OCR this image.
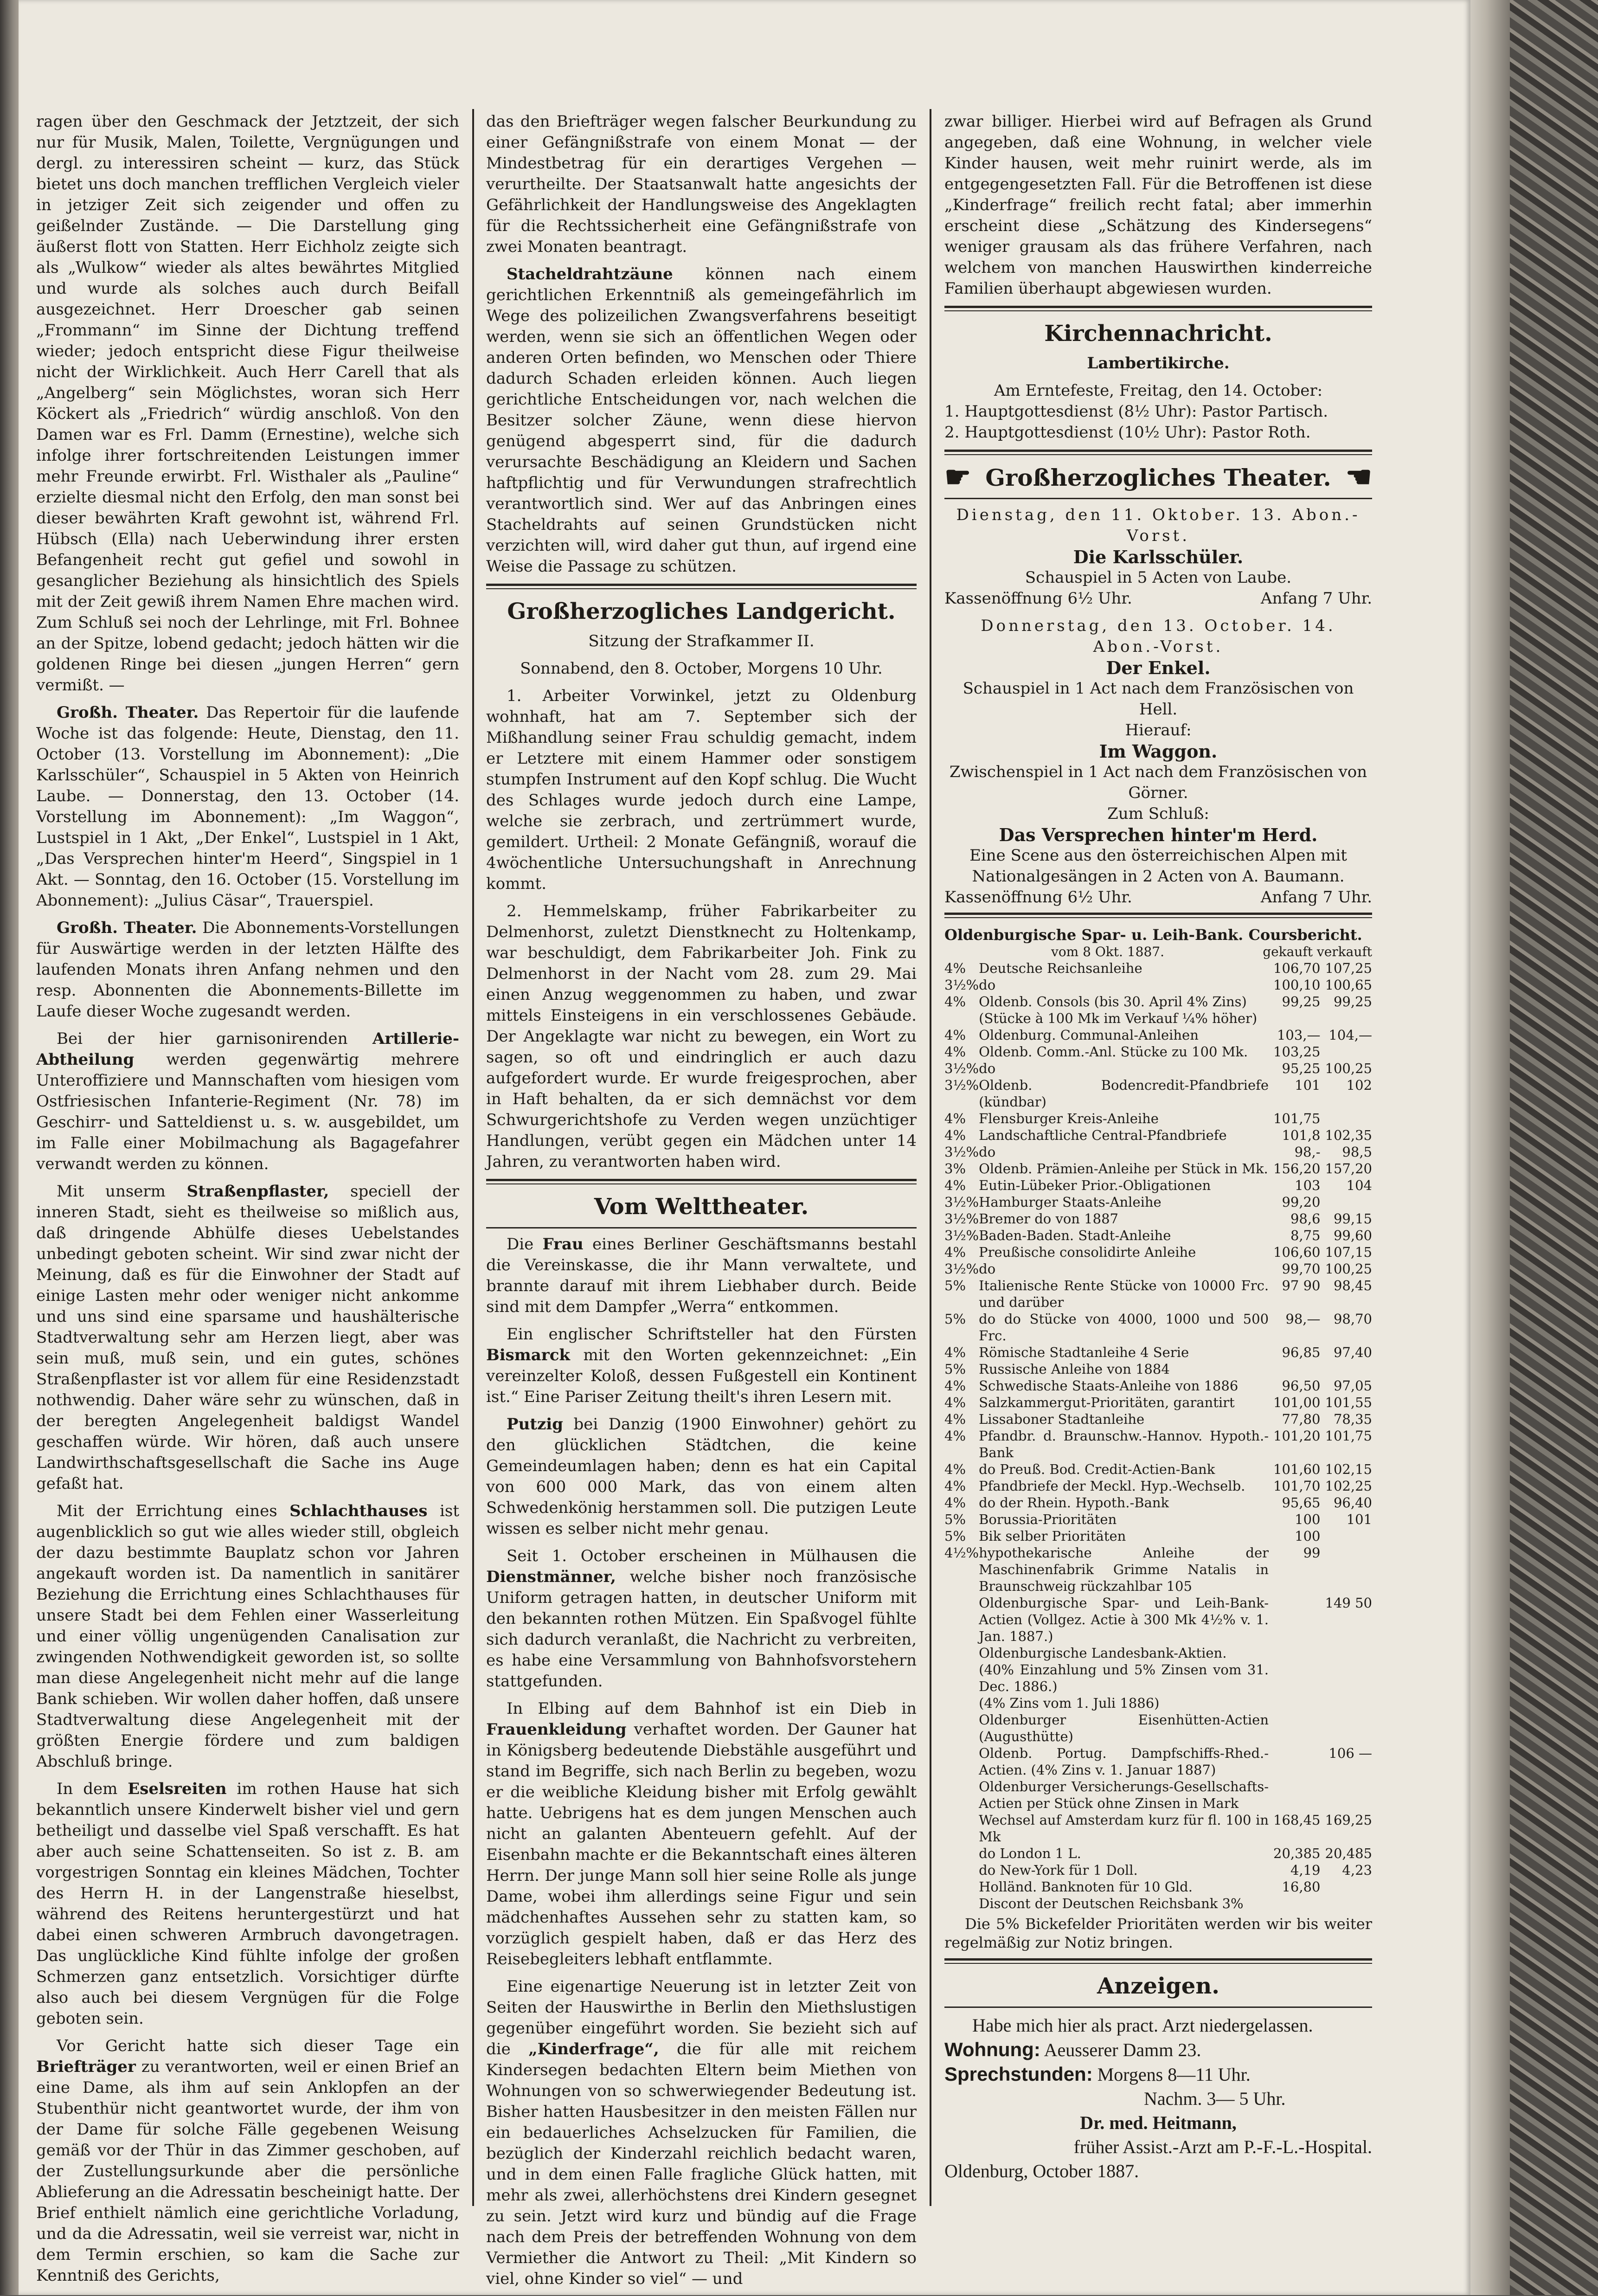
ragen über den Geschmack der Jetztzeit, der sich nur für Musik, Malen, Toilette, Vergnügungen und dergl. zu interessiren scheint — kurz, das Stück bietet uns doch manchen trefflichen Vergleich vieler in jetziger Zeit sich zeigender und offen zu geißelnder Zustände. — Die Darstellung ging äußerst flott von Statten. Herr Eichholz zeigte sich als „Wulkow“ wieder als altes bewährtes Mitglied und wurde als solches auch durch Beifall ausgezeichnet. Herr Droescher gab seinen „Frommann“ im Sinne der Dichtung treffend wieder; jedoch entspricht diese Figur theilweise nicht der Wirklichkeit. Auch Herr Carell that als „Angelberg“ sein Möglichstes, woran sich Herr Köckert als „Friedrich“ würdig anschloß. Von den Damen war es Frl. Damm (Ernestine), welche sich infolge ihrer fortschreitenden Leistungen immer mehr Freunde erwirbt. Frl. Wisthaler als „Pauline“ erzielte diesmal nicht den Erfolg, den man sonst bei dieser bewährten Kraft gewohnt ist, während Frl. Hübsch (Ella) nach Ueberwindung ihrer ersten Befangenheit recht gut gefiel und sowohl in gesanglicher Beziehung als hinsichtlich des Spiels mit der Zeit gewiß ihrem Namen Ehre machen wird. Zum Schluß sei noch der Lehrlinge, mit Frl. Bohnee an der Spitze, lobend gedacht; jedoch hätten wir die goldenen Ringe bei diesen „jungen Herren“ gern vermißt. —

Großh. Theater. Das Repertoir für die laufende Woche ist das folgende: Heute, Dienstag, den 11. October (13. Vorstellung im Abonnement): „Die Karlsschüler“, Schauspiel in 5 Akten von Heinrich Laube. — Donnerstag, den 13. October (14. Vorstellung im Abonnement): „Im Waggon“, Lustspiel in 1 Akt, „Der Enkel“, Lustspiel in 1 Akt, „Das Versprechen hinter'm Heerd“, Singspiel in 1 Akt. — Sonntag, den 16. October (15. Vorstellung im Abonnement): „Julius Cäsar“, Trauerspiel.

Großh. Theater. Die Abonnements-Vorstellungen für Auswärtige werden in der letzten Hälfte des laufenden Monats ihren Anfang nehmen und den resp. Abonnenten die Abonnements-Billette im Laufe dieser Woche zugesandt werden.

Bei der hier garnisonirenden Artillerie-Abtheilung werden gegenwärtig mehrere Unteroffiziere und Mannschaften vom hiesigen vom Ostfriesischen Infanterie-Regiment (Nr. 78) im Geschirr- und Satteldienst u. s. w. ausgebildet, um im Falle einer Mobilmachung als Bagagefahrer verwandt werden zu können.

Mit unserm Straßenpflaster, speciell der inneren Stadt, sieht es theilweise so mißlich aus, daß dringende Abhülfe dieses Uebelstandes unbedingt geboten scheint. Wir sind zwar nicht der Meinung, daß es für die Einwohner der Stadt auf einige Lasten mehr oder weniger nicht ankomme und uns sind eine sparsame und haushälterische Stadtverwaltung sehr am Herzen liegt, aber was sein muß, muß sein, und ein gutes, schönes Straßenpflaster ist vor allem für eine Residenzstadt nothwendig. Daher wäre sehr zu wünschen, daß in der beregten Angelegenheit baldigst Wandel geschaffen würde. Wir hören, daß auch unsere Landwirthschaftsgesellschaft die Sache ins Auge gefaßt hat.

Mit der Errichtung eines Schlachthauses ist augenblicklich so gut wie alles wieder still, obgleich der dazu bestimmte Bauplatz schon vor Jahren angekauft worden ist. Da namentlich in sanitärer Beziehung die Errichtung eines Schlachthauses für unsere Stadt bei dem Fehlen einer Wasserleitung und einer völlig ungenügenden Canalisation zur zwingenden Nothwendigkeit geworden ist, so sollte man diese Angelegenheit nicht mehr auf die lange Bank schieben. Wir wollen daher hoffen, daß unsere Stadtverwaltung diese Angelegenheit mit der größten Energie fördere und zum baldigen Abschluß bringe.

In dem Eselsreiten im rothen Hause hat sich bekanntlich unsere Kinderwelt bisher viel und gern betheiligt und dasselbe viel Spaß verschafft. Es hat aber auch seine Schattenseiten. So ist z. B. am vorgestrigen Sonntag ein kleines Mädchen, Tochter des Herrn H. in der Langenstraße hieselbst, während des Reitens heruntergestürzt und hat dabei einen schweren Armbruch davongetragen. Das unglückliche Kind fühlte infolge der großen Schmerzen ganz entsetzlich. Vorsichtiger dürfte also auch bei diesem Vergnügen für die Folge geboten sein.

Vor Gericht hatte sich dieser Tage ein Briefträger zu verantworten, weil er einen Brief an eine Dame, als ihm auf sein Anklopfen an der Stubenthür nicht geantwortet wurde, der ihm von der Dame für solche Fälle gegebenen Weisung gemäß vor der Thür in das Zimmer geschoben, auf der Zustellungsurkunde aber die persönliche Ablieferung an die Adressatin bescheinigt hatte. Der Brief enthielt nämlich eine gerichtliche Vorladung, und da die Adressatin, weil sie verreist war, nicht in dem Termin erschien, so kam die Sache zur Kenntniß des Gerichts,

das den Briefträger wegen falscher Beurkundung zu einer Gefängnißstrafe von einem Monat — der Mindestbetrag für ein derartiges Vergehen — verurtheilte. Der Staatsanwalt hatte angesichts der Gefährlichkeit der Handlungsweise des Angeklagten für die Rechtssicherheit eine Gefängnißstrafe von zwei Monaten beantragt.

Stacheldrahtzäune können nach einem gerichtlichen Erkenntniß als gemeingefährlich im Wege des polizeilichen Zwangsverfahrens beseitigt werden, wenn sie sich an öffentlichen Wegen oder anderen Orten befinden, wo Menschen oder Thiere dadurch Schaden erleiden können. Auch liegen gerichtliche Entscheidungen vor, nach welchen die Besitzer solcher Zäune, wenn diese hiervon genügend abgesperrt sind, für die dadurch verursachte Beschädigung an Kleidern und Sachen haftpflichtig und für Verwundungen strafrechtlich verantwortlich sind. Wer auf das Anbringen eines Stacheldrahts auf seinen Grundstücken nicht verzichten will, wird daher gut thun, auf irgend eine Weise die Passage zu schützen.

Großherzogliches Landgericht.

Sitzung der Strafkammer II.

Sonnabend, den 8. October, Morgens 10 Uhr.

1. Arbeiter Vorwinkel, jetzt zu Oldenburg wohnhaft, hat am 7. September sich der Mißhandlung seiner Frau schuldig gemacht, indem er Letztere mit einem Hammer oder sonstigem stumpfen Instrument auf den Kopf schlug. Die Wucht des Schlages wurde jedoch durch eine Lampe, welche sie zerbrach, und zertrümmert wurde, gemildert. Urtheil: 2 Monate Gefängniß, worauf die 4wöchentliche Untersuchungshaft in Anrechnung kommt.

2. Hemmelskamp, früher Fabrikarbeiter zu Delmenhorst, zuletzt Dienstknecht zu Holtenkamp, war beschuldigt, dem Fabrikarbeiter Joh. Fink zu Delmenhorst in der Nacht vom 28. zum 29. Mai einen Anzug weggenommen zu haben, und zwar mittels Einsteigens in ein verschlossenes Gebäude. Der Angeklagte war nicht zu bewegen, ein Wort zu sagen, so oft und eindringlich er auch dazu aufgefordert wurde. Er wurde freigesprochen, aber in Haft behalten, da er sich demnächst vor dem Schwurgerichtshofe zu Verden wegen unzüchtiger Handlungen, verübt gegen ein Mädchen unter 14 Jahren, zu verantworten haben wird.

Vom Welttheater.

Die Frau eines Berliner Geschäftsmanns bestahl die Vereinskasse, die ihr Mann verwaltete, und brannte darauf mit ihrem Liebhaber durch. Beide sind mit dem Dampfer „Werra“ entkommen.

Ein englischer Schriftsteller hat den Fürsten Bismarck mit den Worten gekennzeichnet: „Ein vereinzelter Koloß, dessen Fußgestell ein Kontinent ist.“ Eine Pariser Zeitung theilt's ihren Lesern mit.

Putzig bei Danzig (1900 Einwohner) gehört zu den glücklichen Städtchen, die keine Gemeindeumlagen haben; denn es hat ein Capital von 600 000 Mark, das von einem alten Schwedenkönig herstammen soll. Die putzigen Leute wissen es selber nicht mehr genau.

Seit 1. October erscheinen in Mülhausen die Dienstmänner, welche bisher noch französische Uniform getragen hatten, in deutscher Uniform mit den bekannten rothen Mützen. Ein Spaßvogel fühlte sich dadurch veranlaßt, die Nachricht zu verbreiten, es habe eine Versammlung von Bahnhofsvorstehern stattgefunden.

In Elbing auf dem Bahnhof ist ein Dieb in Frauenkleidung verhaftet worden. Der Gauner hat in Königsberg bedeutende Diebstähle ausgeführt und stand im Begriffe, sich nach Berlin zu begeben, wozu er die weibliche Kleidung bisher mit Erfolg gewählt hatte. Uebrigens hat es dem jungen Menschen auch nicht an galanten Abenteuern gefehlt. Auf der Eisenbahn machte er die Bekanntschaft eines älteren Herrn. Der junge Mann soll hier seine Rolle als junge Dame, wobei ihm allerdings seine Figur und sein mädchenhaftes Aussehen sehr zu statten kam, so vorzüglich gespielt haben, daß er das Herz des Reisebegleiters lebhaft entflammte.

Eine eigenartige Neuerung ist in letzter Zeit von Seiten der Hauswirthe in Berlin den Miethslustigen gegenüber eingeführt worden. Sie bezieht sich auf die „Kinderfrage“, die für alle mit reichem Kindersegen bedachten Eltern beim Miethen von Wohnungen von so schwerwiegender Bedeutung ist. Bisher hatten Hausbesitzer in den meisten Fällen nur ein bedauerliches Achselzucken für Familien, die bezüglich der Kinderzahl reichlich bedacht waren, und in dem einen Falle fragliche Glück hatten, mit mehr als zwei, allerhöchstens drei Kindern gesegnet zu sein. Jetzt wird kurz und bündig auf die Frage nach dem Preis der betreffenden Wohnung von dem Vermiether die Antwort zu Theil: „Mit Kindern so viel, ohne Kinder so viel“ — und

zwar billiger. Hierbei wird auf Befragen als Grund angegeben, daß eine Wohnung, in welcher viele Kinder hausen, weit mehr ruinirt werde, als im entgegengesetzten Fall. Für die Betroffenen ist diese „Kinderfrage“ freilich recht fatal; aber immerhin erscheint diese „Schätzung des Kindersegens“ weniger grausam als das frühere Verfahren, nach welchem von manchen Hauswirthen kinderreiche Familien überhaupt abgewiesen wurden.

Kirchennachricht.

Lambertikirche.

Am Erntefeste, Freitag, den 14. October:

1. Hauptgottesdienst (8½ Uhr): Pastor Partisch.

2. Hauptgottesdienst (10½ Uhr): Pastor Roth.

☛ Großherzogliches Theater. ☚

Dienstag, den 11. Oktober. 13. Abon.-Vorst.

Die Karlsschüler.

Schauspiel in 5 Acten von Laube.

Kassenöffnung 6½ Uhr.	Anfang 7 Uhr.

Donnerstag, den 13. October. 14. Abon.-Vorst.

Der Enkel.

Schauspiel in 1 Act nach dem Französischen von Hell.

Hierauf:

Im Waggon.

Zwischenspiel in 1 Act nach dem Französischen von Görner.

Zum Schluß:

Das Versprechen hinter'm Herd.

Eine Scene aus den österreichischen Alpen mit Nationalgesängen in 2 Acten von A. Baumann.

Kassenöffnung 6½ Uhr.	Anfang 7 Uhr.
Oldenburgische Spar- u. Leih-Bank. Coursbericht.
vom 8 Okt. 1887.	gekauft verkauft
4%	Deutsche Reichsanleihe	106,70	107,25
3½%	do	100,10	100,65
4%	Oldenb. Consols (bis 30. April 4% Zins)	99,25	99,25
	(Stücke à 100 Mk im Verkauf ¼% höher)		
4%	Oldenburg. Communal-Anleihen	103,—	104,—
4%	Oldenb. Comm.-Anl. Stücke zu 100 Mk.	103,25	
3½%	do	95,25	100,25
3½%	Oldenb. Bodencredit-Pfandbriefe (kündbar)	101	102
4%	Flensburger Kreis-Anleihe	101,75	
4%	Landschaftliche Central-Pfandbriefe	101,8	102,35
3½%	do	98,-	98,5
3%	Oldenb. Prämien-Anleihe per Stück in Mk.	156,20	157,20
4%	Eutin-Lübeker Prior.-Obligationen	103	104
3½%	Hamburger Staats-Anleihe	99,20	
3½%	Bremer do von 1887	98,6	99,15
3½%	Baden-Baden. Stadt-Anleihe	8,75	99,60
4%	Preußische consolidirte Anleihe	106,60	107,15
3½%	do	99,70	100,25
5%	Italienische Rente Stücke von 10000 Frc. und darüber	97 90	98,45
5%	do do Stücke von 4000, 1000 und 500 Frc.	98,—	98,70
4%	Römische Stadtanleihe 4 Serie	96,85	97,40
5%	Russische Anleihe von 1884		
4%	Schwedische Staats-Anleihe von 1886	96,50	97,05
4%	Salzkammergut-Prioritäten, garantirt	101,00	101,55
4%	Lissaboner Stadtanleihe	77,80	78,35
4%	Pfandbr. d. Braunschw.-Hannov. Hypoth.-Bank	101,20	101,75
4%	do Preuß. Bod. Credit-Actien-Bank	101,60	102,15
4%	Pfandbriefe der Meckl. Hyp.-Wechselb.	101,70	102,25
4%	do der Rhein. Hypoth.-Bank	95,65	96,40
5%	Borussia-Prioritäten	100	101
5%	Bik selber Prioritäten	100	
4½%	hypothekarische Anleihe der Maschinenfabrik Grimme Natalis in Braunschweig rückzahlbar 105	99	
	Oldenburgische Spar- und Leih-Bank-Actien (Vollgez. Actie à 300 Mk 4½% v. 1. Jan. 1887.)		149 50
	Oldenburgische Landesbank-Aktien.		
	(40% Einzahlung und 5% Zinsen vom 31. Dec. 1886.)		
	(4% Zins vom 1. Juli 1886)		
	Oldenburger Eisenhütten-Actien (Augusthütte)		
	Oldenb. Portug. Dampfschiffs-Rhed.-Actien. (4% Zins v. 1. Januar 1887)		106 —
	Oldenburger Versicherungs-Gesellschafts-Actien per Stück ohne Zinsen in Mark		
	Wechsel auf Amsterdam kurz für fl. 100 in Mk	168,45	169,25
	do London 1 L.	20,385	20,485
	do New-York für 1 Doll.	4,19	4,23
	Holländ. Banknoten für 10 Gld.	16,80	
	Discont der Deutschen Reichsbank 3%		

Die 5% Bickefelder Prioritäten werden wir bis weiter regelmäßig zur Notiz bringen.

Anzeigen.

Habe mich hier als pract. Arzt niedergelassen.

Wohnung: Aeusserer Damm 23.

Sprechstunden: Morgens 8—11 Uhr.

Nachm. 3— 5 Uhr.

Dr. med. Heitmann,

früher Assist.-Arzt am P.-F.-L.-Hospital.

Oldenburg, October 1887.
